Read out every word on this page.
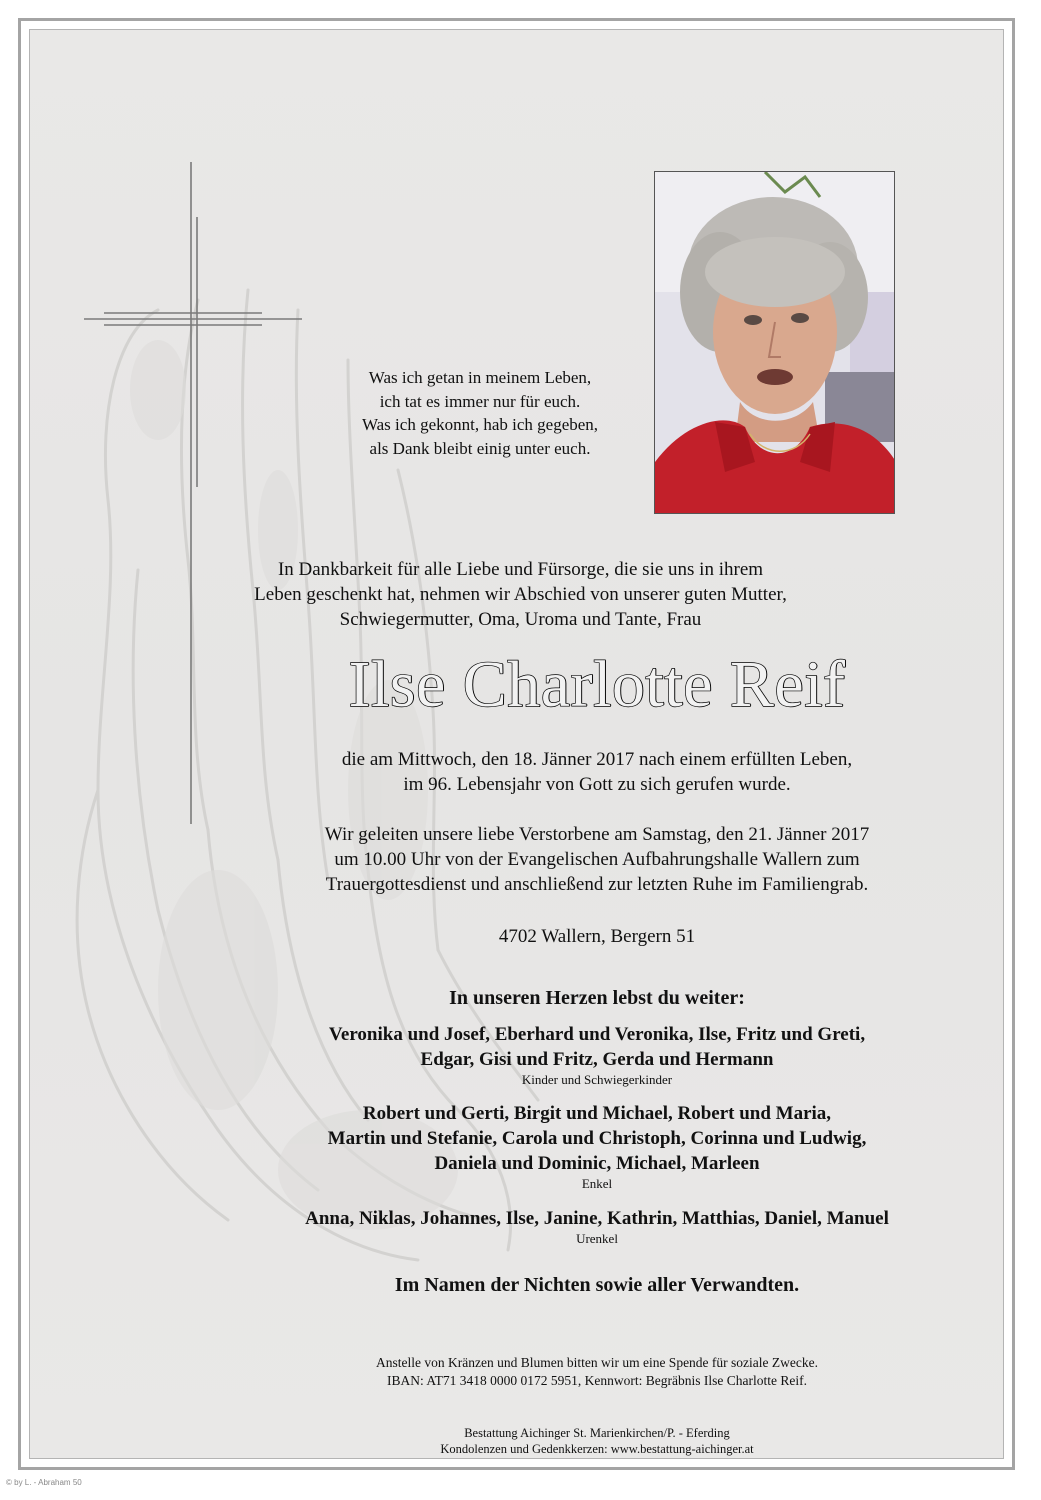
Was ich getan in meinem Leben,
ich tat es immer nur für euch.
Was ich gekonnt, hab ich gegeben,
als Dank bleibt einig unter euch.
In Dankbarkeit für alle Liebe und Fürsorge, die sie uns in ihrem
Leben geschenkt hat, nehmen wir Abschied von unserer guten Mutter,
Schwiegermutter, Oma, Uroma und Tante, Frau
Ilse Charlotte Reif
die am Mittwoch, den 18. Jänner 2017 nach einem erfüllten Leben,
im 96. Lebensjahr von Gott zu sich gerufen wurde.
Wir geleiten unsere liebe Verstorbene am Samstag, den 21. Jänner 2017
um 10.00 Uhr von der Evangelischen Aufbahrungshalle Wallern zum
Trauergottesdienst und anschließend zur letzten Ruhe im Familiengrab.
4702 Wallern, Bergern 51
In unseren Herzen lebst du weiter:
Veronika und Josef, Eberhard und Veronika, Ilse, Fritz und Greti,
Edgar, Gisi und Fritz, Gerda und Hermann
Kinder und Schwiegerkinder
Robert und Gerti, Birgit und Michael, Robert und Maria,
Martin und Stefanie, Carola und Christoph, Corinna und Ludwig,
Daniela und Dominic, Michael, Marleen
Enkel
Anna, Niklas, Johannes, Ilse, Janine, Kathrin, Matthias, Daniel, Manuel
Urenkel
Im Namen der Nichten sowie aller Verwandten.
Anstelle von Kränzen und Blumen bitten wir um eine Spende für soziale Zwecke.
IBAN: AT71 3418 0000 0172 5951, Kennwort: Begräbnis Ilse Charlotte Reif.
Bestattung Aichinger St. Marienkirchen/P. - Eferding
Kondolenzen und Gedenkkerzen: www.bestattung-aichinger.at
© by L. - Abraham 50
